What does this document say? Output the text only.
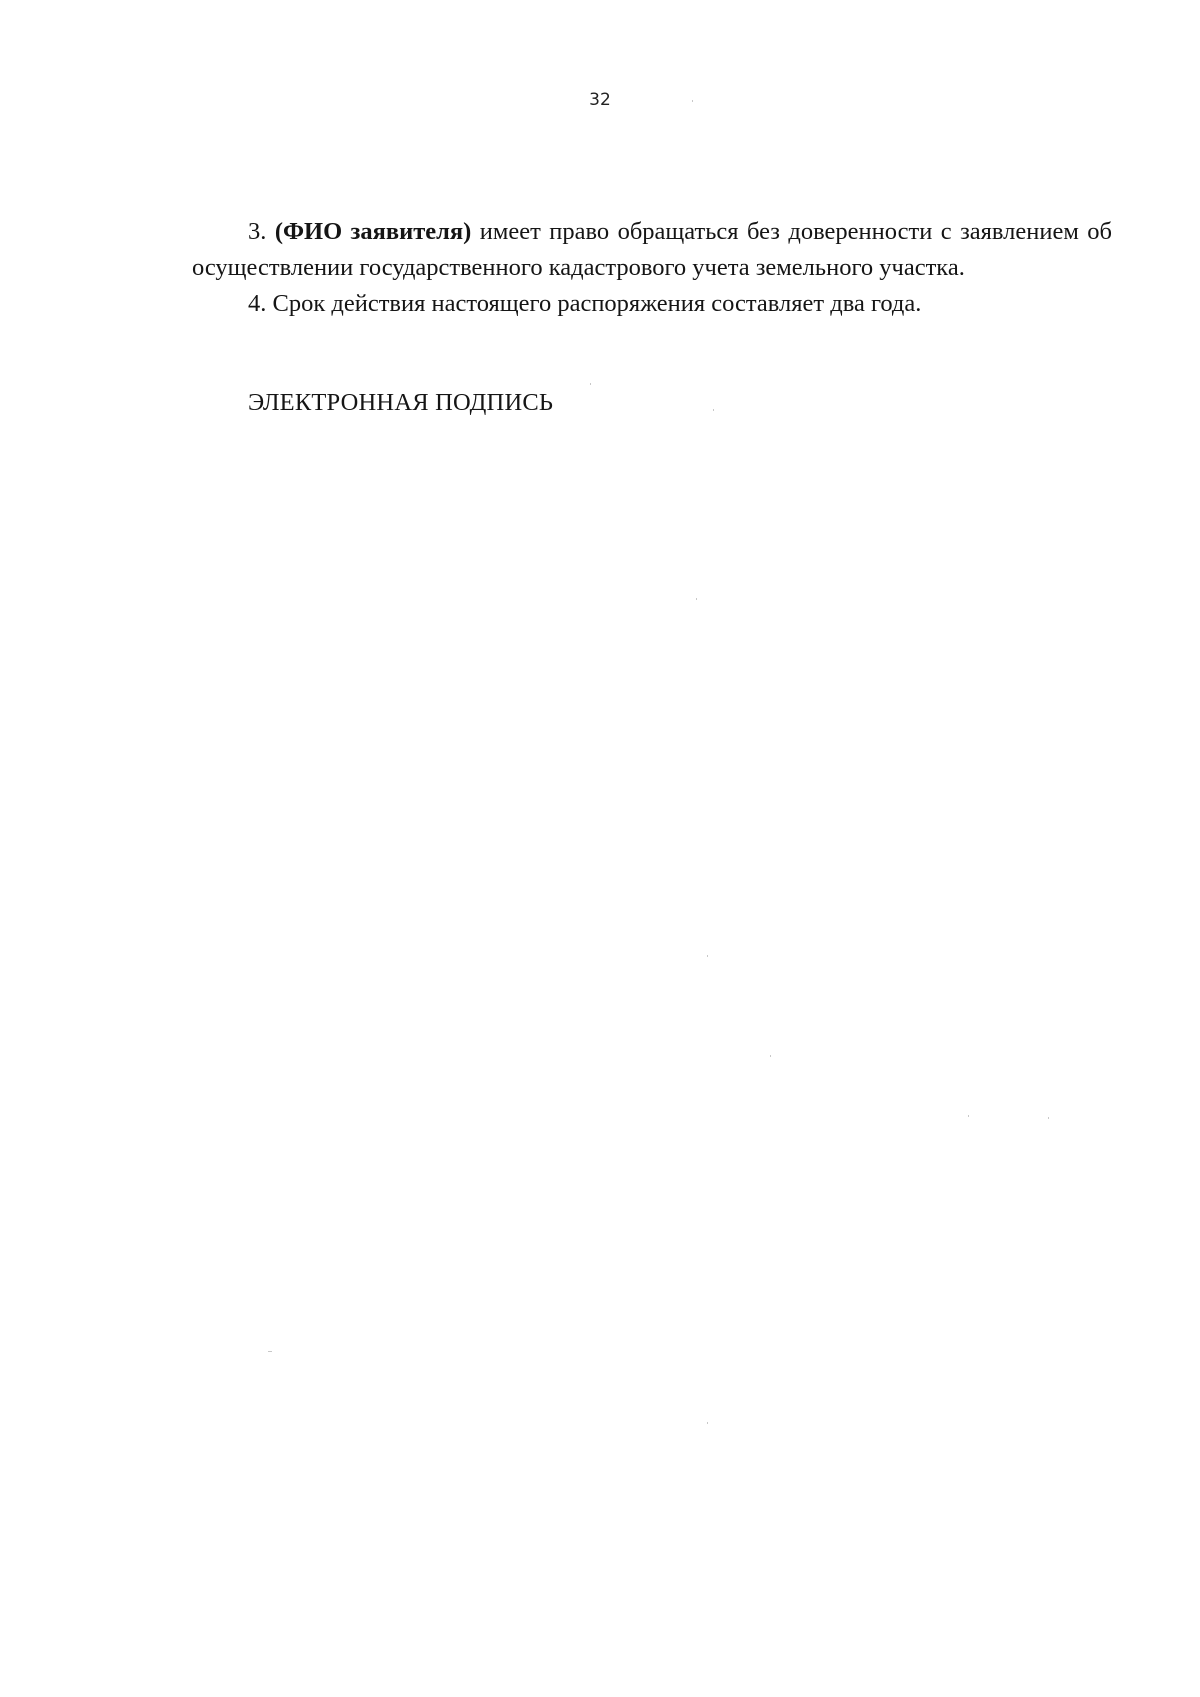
32

3. (ФИО заявителя) имеет право обращаться без доверенности с заявлением об осуществлении государственного кадастрового учета земельного участка.

4. Срок действия настоящего распоряжения составляет два года.

ЭЛЕКТРОННАЯ ПОДПИСЬ
